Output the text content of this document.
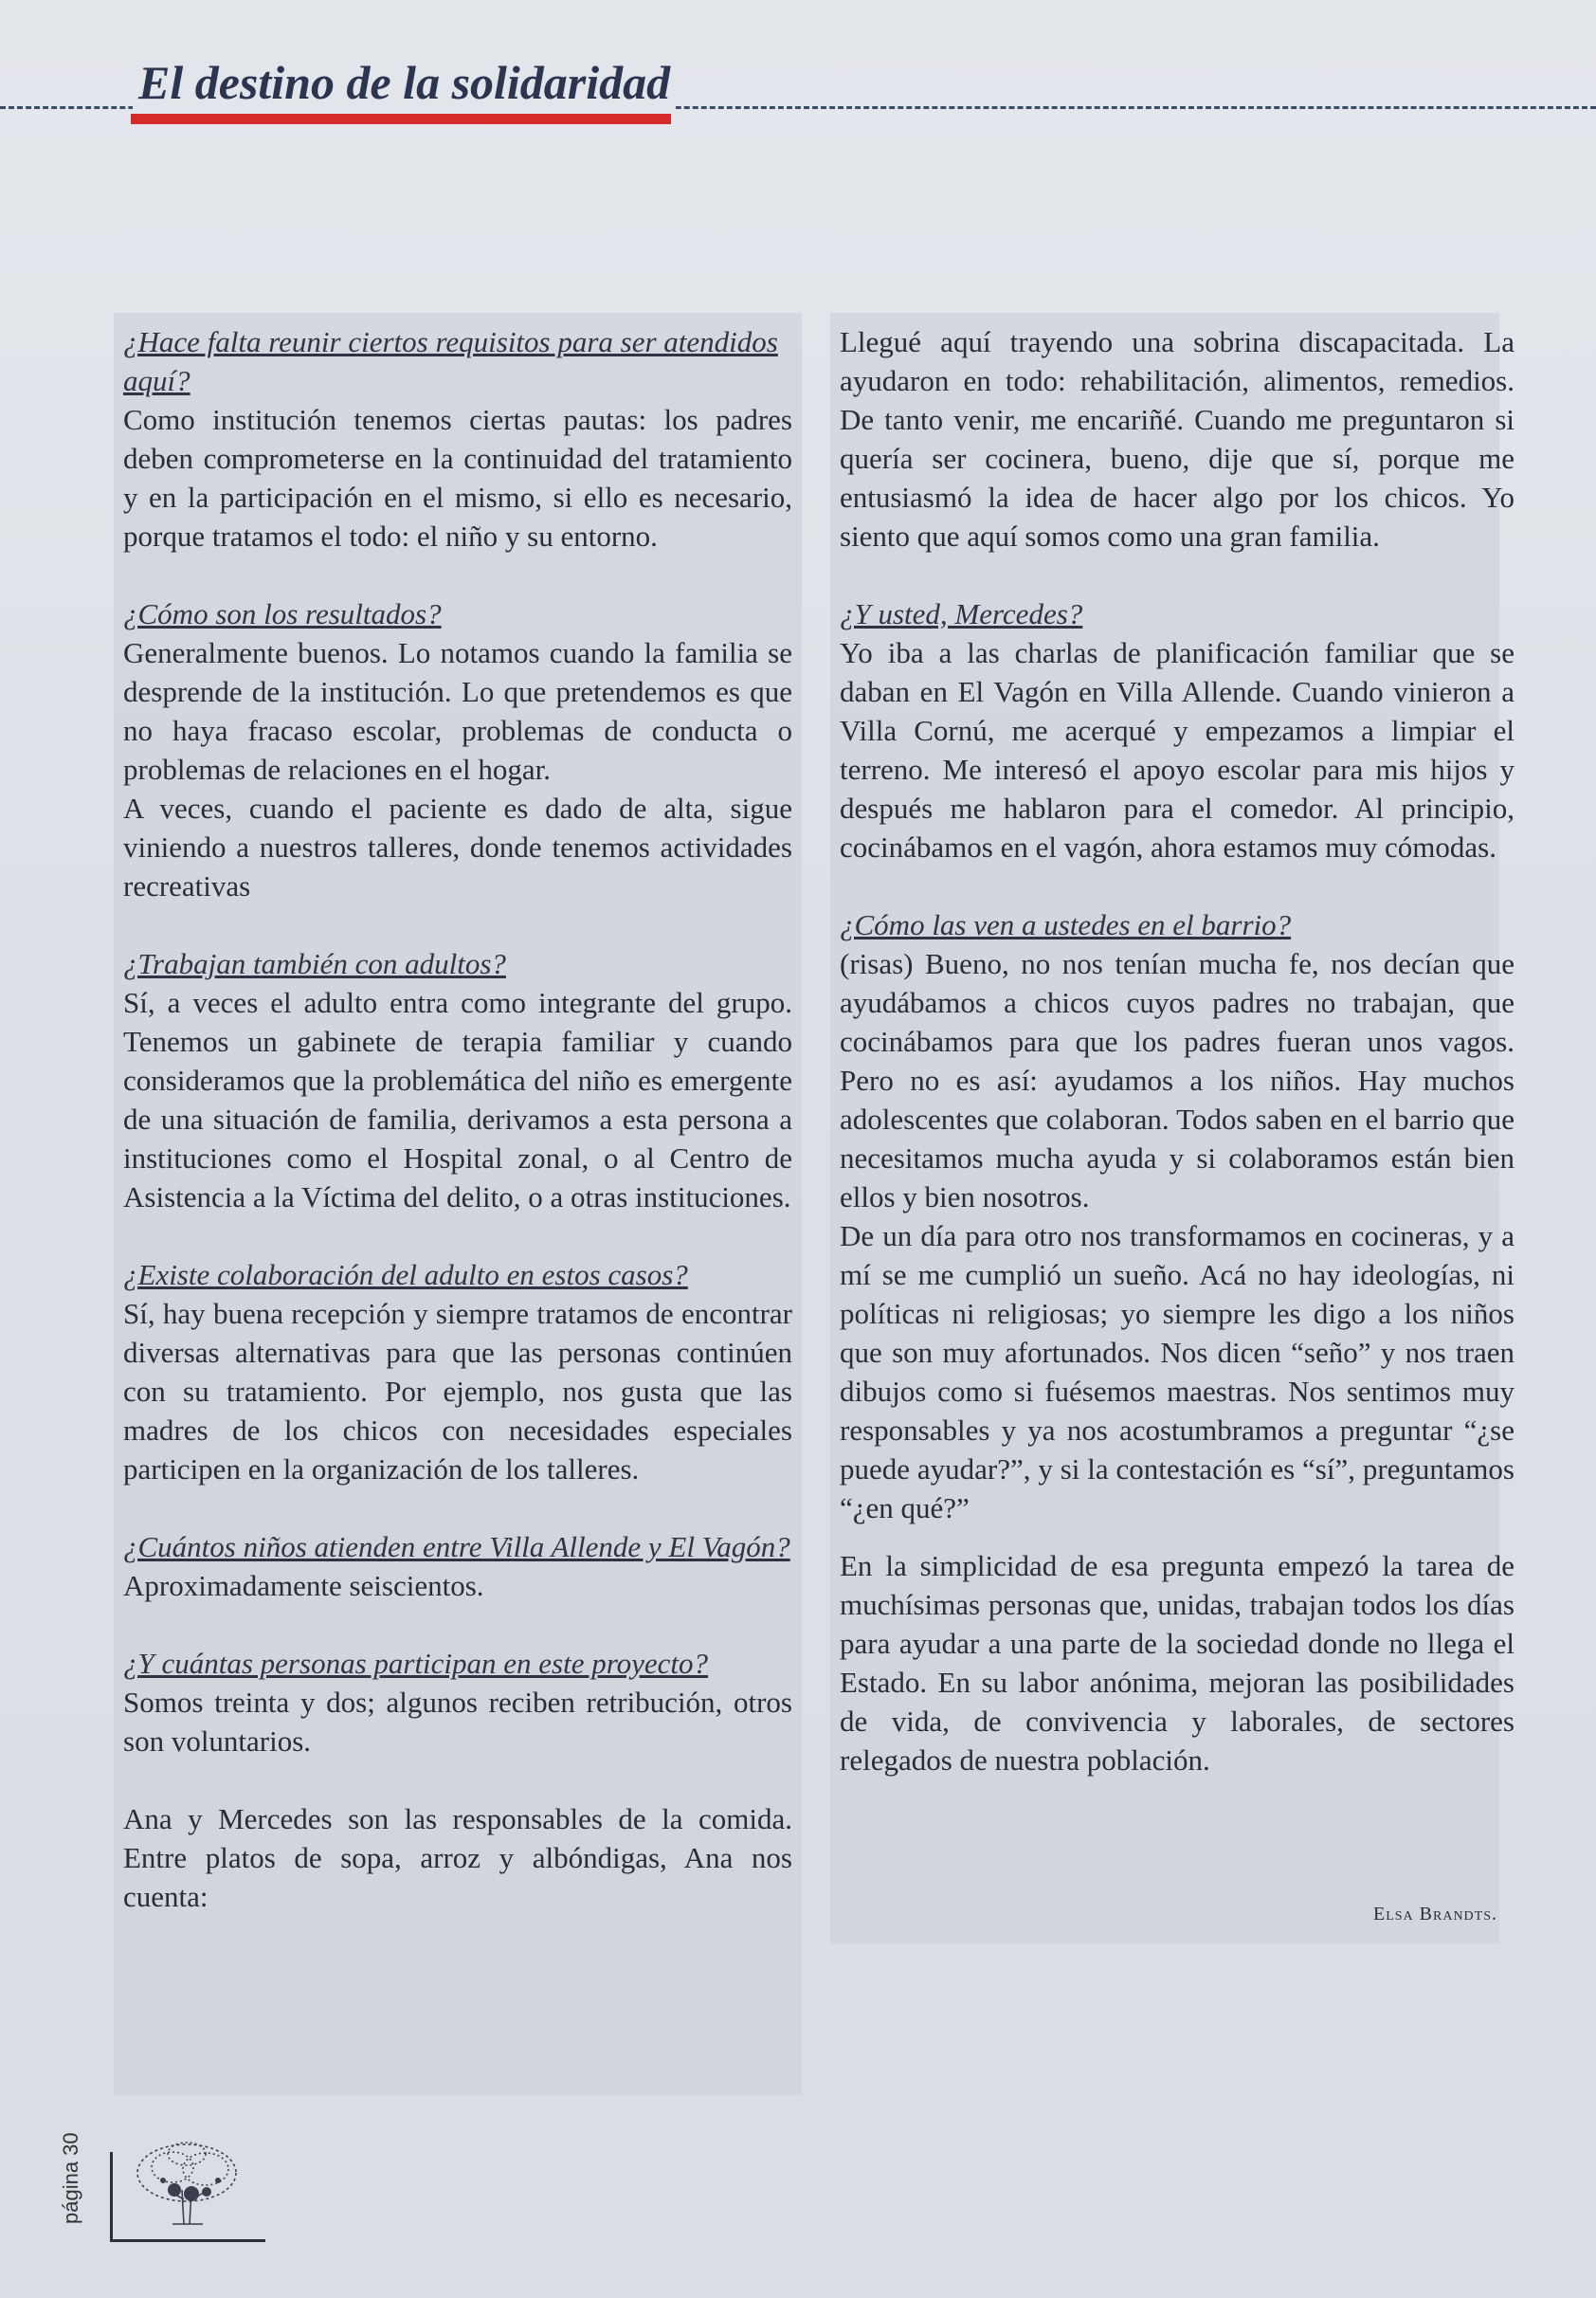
El destino de la solidaridad
¿Hace falta reunir ciertos requisitos para ser atendidos aquí?

Como institución tenemos ciertas pautas: los padres deben comprometerse en la continuidad del tratamiento y en la participación en el mismo, si ello es necesario, porque tratamos el todo: el niño y su entorno.

¿Cómo son los resultados?

Generalmente buenos. Lo notamos cuando la familia se desprende de la institución. Lo que pretendemos es que no haya fracaso escolar, problemas de conducta o problemas de relaciones en el hogar.

A veces, cuando el paciente es dado de alta, sigue viniendo a nuestros talleres, donde tenemos actividades recreativas

¿Trabajan también con adultos?

Sí, a veces el adulto entra como integrante del grupo. Tenemos un gabinete de terapia familiar y cuando consideramos que la problemática del niño es emergente de una situación de familia, derivamos a esta persona a instituciones como el Hospital zonal, o al Centro de Asistencia a la Víctima del delito, o a otras instituciones.

¿Existe colaboración del adulto en estos casos?

Sí, hay buena recepción y siempre tratamos de encontrar diversas alternativas para que las personas continúen con su tratamiento. Por ejemplo, nos gusta que las madres de los chicos con necesidades especiales participen en la organización de los talleres.

¿Cuántos niños atienden entre Villa Allende y El Vagón?

Aproximadamente seiscientos.

¿Y cuántas personas participan en este proyecto?

Somos treinta y dos; algunos reciben retribución, otros son voluntarios.

Ana y Mercedes son las responsables de la comida. Entre platos de sopa, arroz y albóndigas, Ana nos cuenta:

Llegué aquí trayendo una sobrina discapacitada. La ayudaron en todo: rehabilitación, alimentos, remedios. De tanto venir, me encariñé. Cuando me preguntaron si quería ser cocinera, bueno, dije que sí, porque me entusiasmó la idea de hacer algo por los chicos. Yo siento que aquí somos como una gran familia.

¿Y usted, Mercedes?

Yo iba a las charlas de planificación familiar que se daban en El Vagón en Villa Allende. Cuando vinieron a Villa Cornú, me acerqué y empezamos a limpiar el terreno. Me interesó el apoyo escolar para mis hijos y después me hablaron para el comedor. Al principio, cocinábamos en el vagón, ahora estamos muy cómodas.

¿Cómo las ven a ustedes en el barrio?

(risas) Bueno, no nos tenían mucha fe, nos decían que ayudábamos a chicos cuyos padres no trabajan, que cocinábamos para que los padres fueran unos vagos. Pero no es así: ayudamos a los niños. Hay muchos adolescentes que colaboran. Todos saben en el barrio que necesitamos mucha ayuda y si colaboramos están bien ellos y bien nosotros.

De un día para otro nos transformamos en cocineras, y a mí se me cumplió un sueño. Acá no hay ideologías, ni políticas ni religiosas; yo siempre les digo a los niños que son muy afortunados. Nos dicen “seño” y nos traen dibujos como si fuésemos maestras. Nos sentimos muy responsables y ya nos acostumbramos a preguntar “¿se puede ayudar?”, y si la contestación es “sí”, preguntamos “¿en qué?”

En la simplicidad de esa pregunta empezó la tarea de muchísimas personas que, unidas, trabajan todos los días para ayudar a una parte de la sociedad donde no llega el Estado. En su labor anónima, mejoran las posibilidades de vida, de convivencia y laborales, de sectores relegados de nuestra población.

Elsa Brandts.
página 30
